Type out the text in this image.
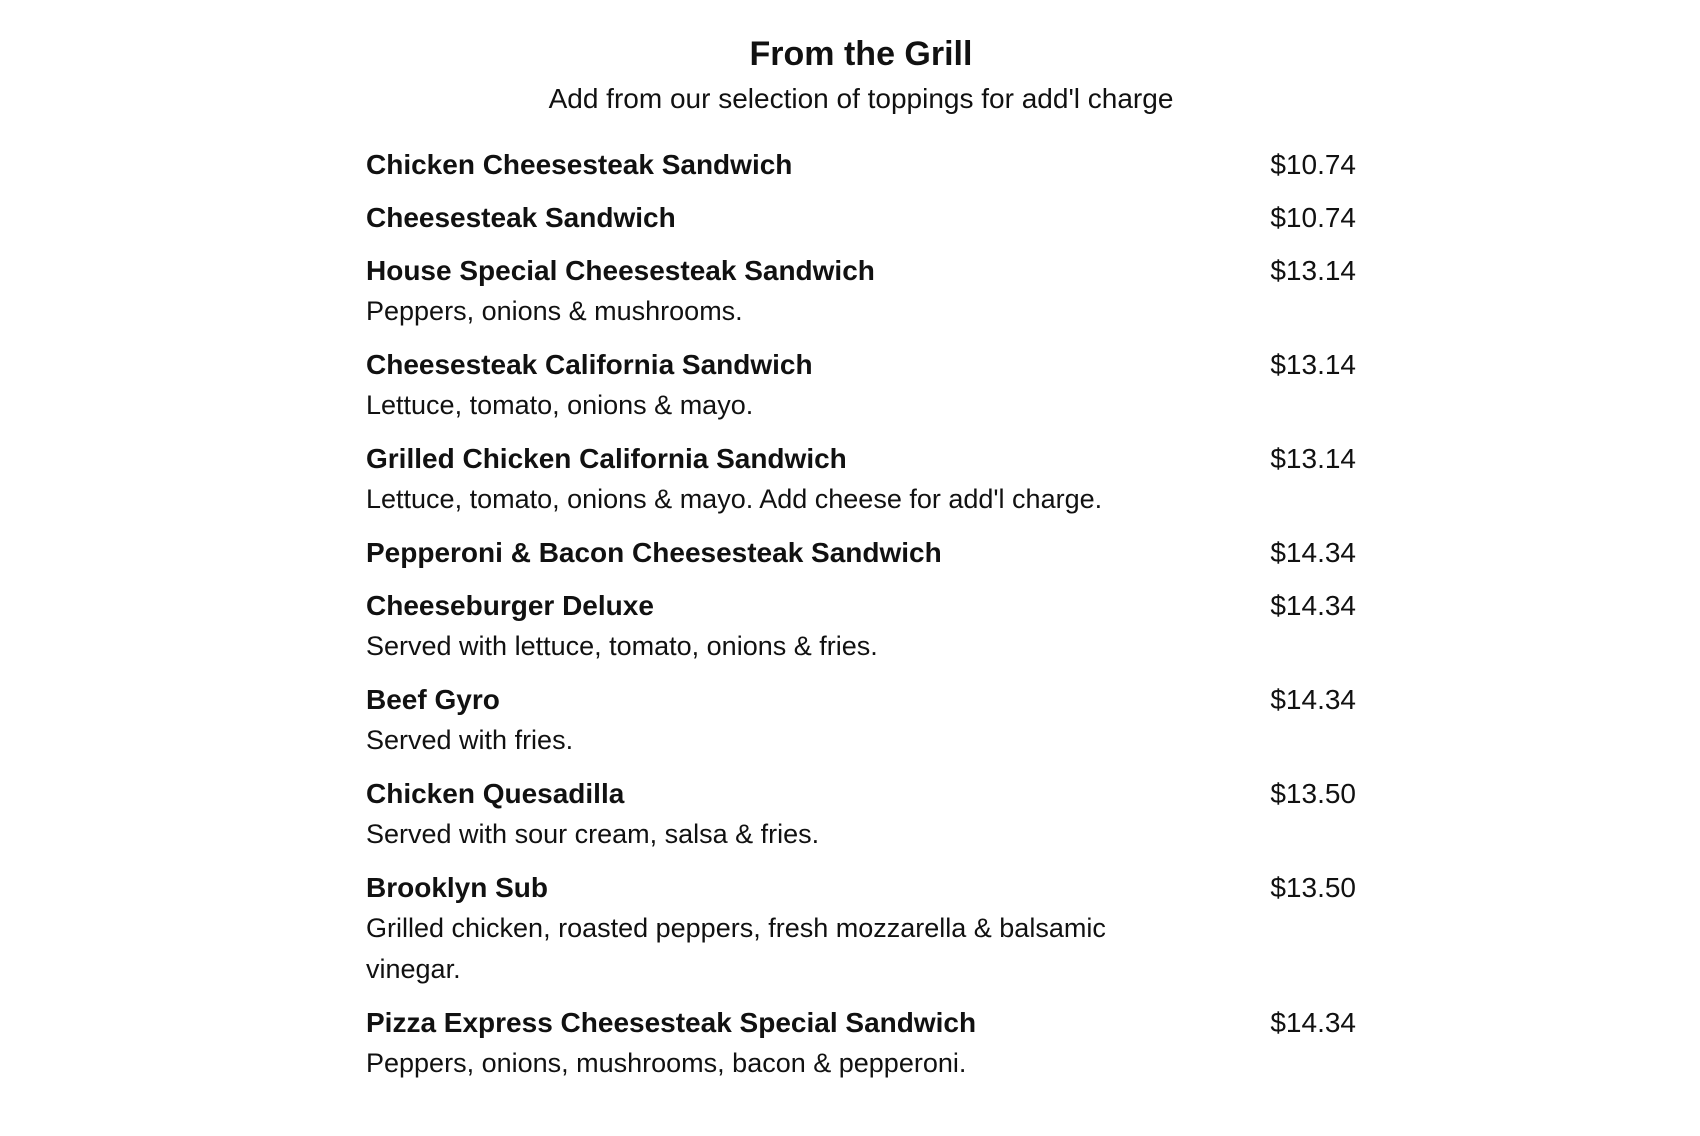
From the Grill
Add from our selection of toppings for add'l charge
Chicken Cheesesteak Sandwich	$10.74
Cheesesteak Sandwich	$10.74
House Special Cheesesteak Sandwich	$13.14
Peppers, onions & mushrooms.
Cheesesteak California Sandwich	$13.14
Lettuce, tomato, onions & mayo.
Grilled Chicken California Sandwich	$13.14
Lettuce, tomato, onions & mayo. Add cheese for add'l charge.
Pepperoni & Bacon Cheesesteak Sandwich	$14.34
Cheeseburger Deluxe	$14.34
Served with lettuce, tomato, onions & fries.
Beef Gyro	$14.34
Served with fries.
Chicken Quesadilla	$13.50
Served with sour cream, salsa & fries.
Brooklyn Sub	$13.50
Grilled chicken, roasted peppers, fresh mozzarella & balsamic vinegar.
Pizza Express Cheesesteak Special Sandwich	$14.34
Peppers, onions, mushrooms, bacon & pepperoni.
